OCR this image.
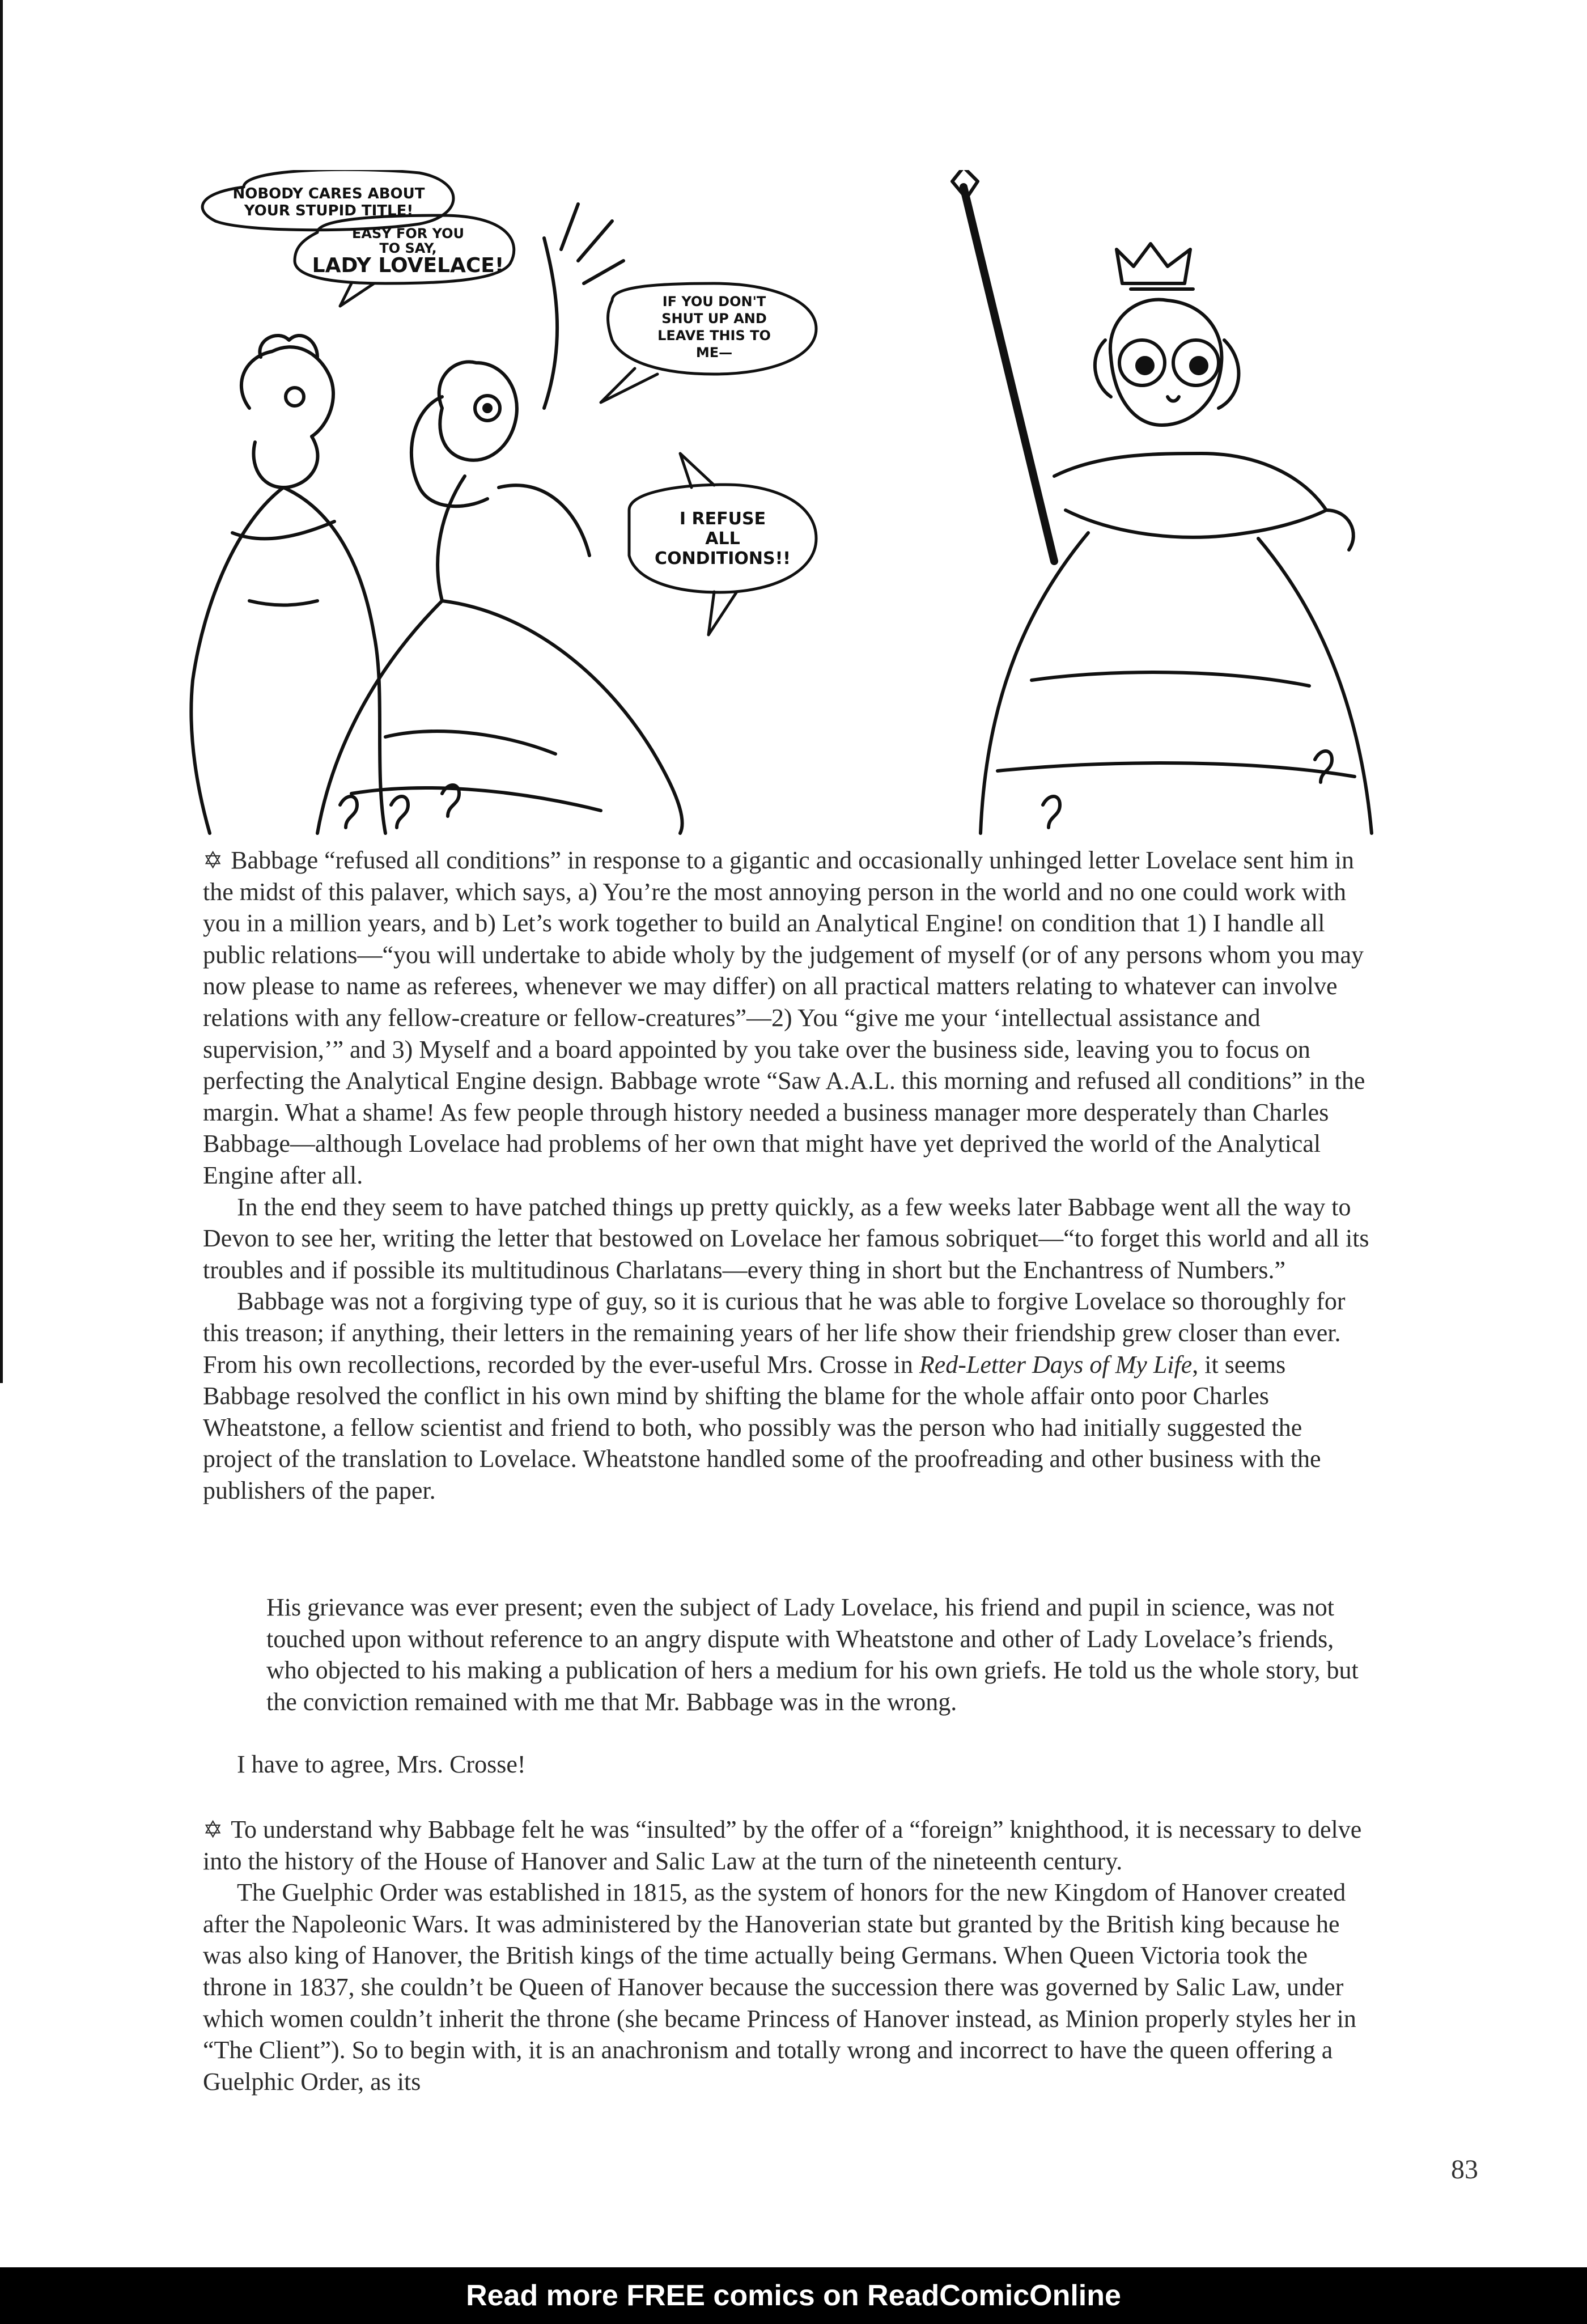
NOBODY CARES ABOUT
YOUR STUPID TITLE!
EASY FOR YOU
TO SAY,
LADY LOVELACE!
IF YOU DON'T
SHUT UP AND
LEAVE THIS TO
ME—
I REFUSE
ALL
CONDITIONS!!

✡ Babbage “refused all conditions” in response to a gigantic and occasionally unhinged letter Lovelace sent him in the midst of this palaver, which says, a) You’re the most annoying person in the world and no one could work with you in a million years, and b) Let’s work together to build an Analytical Engine! on condition that 1) I handle all public relations—“you will undertake to abide wholy by the judgement of myself (or of any persons whom you may now please to name as referees, whenever we may differ) on all practical matters relating to whatever can involve relations with any fellow-creature or fellow-creatures”—2) You “give me your ‘intellectual assistance and supervision,’” and 3) Myself and a board appointed by you take over the business side, leaving you to focus on perfecting the Analytical Engine design. Babbage wrote “Saw A.A.L. this morning and refused all conditions” in the margin. What a shame! As few people through history needed a business manager more desperately than Charles Babbage—although Lovelace had problems of her own that might have yet deprived the world of the Analytical Engine after all.

In the end they seem to have patched things up pretty quickly, as a few weeks later Babbage went all the way to Devon to see her, writing the letter that bestowed on Lovelace her famous sobriquet—“to forget this world and all its troubles and if possible its multitudinous Charlatans—every thing in short but the Enchantress of Numbers.”

Babbage was not a forgiving type of guy, so it is curious that he was able to forgive Lovelace so thoroughly for this treason; if anything, their letters in the remaining years of her life show their friendship grew closer than ever. From his own recollections, recorded by the ever-useful Mrs. Crosse in Red-Letter Days of My Life, it seems Babbage resolved the conflict in his own mind by shifting the blame for the whole affair onto poor Charles Wheatstone, a fellow scientist and friend to both, who possibly was the person who had initially suggested the project of the translation to Lovelace. Wheatstone handled some of the proofreading and other business with the publishers of the paper.

His grievance was ever present; even the subject of Lady Lovelace, his friend and pupil in science, was not touched upon without reference to an angry dispute with Wheatstone and other of Lady Lovelace’s friends, who objected to his making a publication of hers a medium for his own griefs. He told us the whole story, but the conviction remained with me that Mr. Babbage was in the wrong.

I have to agree, Mrs. Crosse!

✡ To understand why Babbage felt he was “insulted” by the offer of a “foreign” knighthood, it is necessary to delve into the history of the House of Hanover and Salic Law at the turn of the nineteenth century.

The Guelphic Order was established in 1815, as the system of honors for the new Kingdom of Hanover created after the Napoleonic Wars. It was administered by the Hanoverian state but granted by the British king because he was also king of Hanover, the British kings of the time actually being Germans. When Queen Victoria took the throne in 1837, she couldn’t be Queen of Hanover because the succession there was governed by Salic Law, under which women couldn’t inherit the throne (she became Princess of Hanover instead, as Minion properly styles her in “The Client”). So to begin with, it is an anachronism and totally wrong and incorrect to have the queen offering a Guelphic Order, as its

83
Read more FREE comics on ReadComicOnline
